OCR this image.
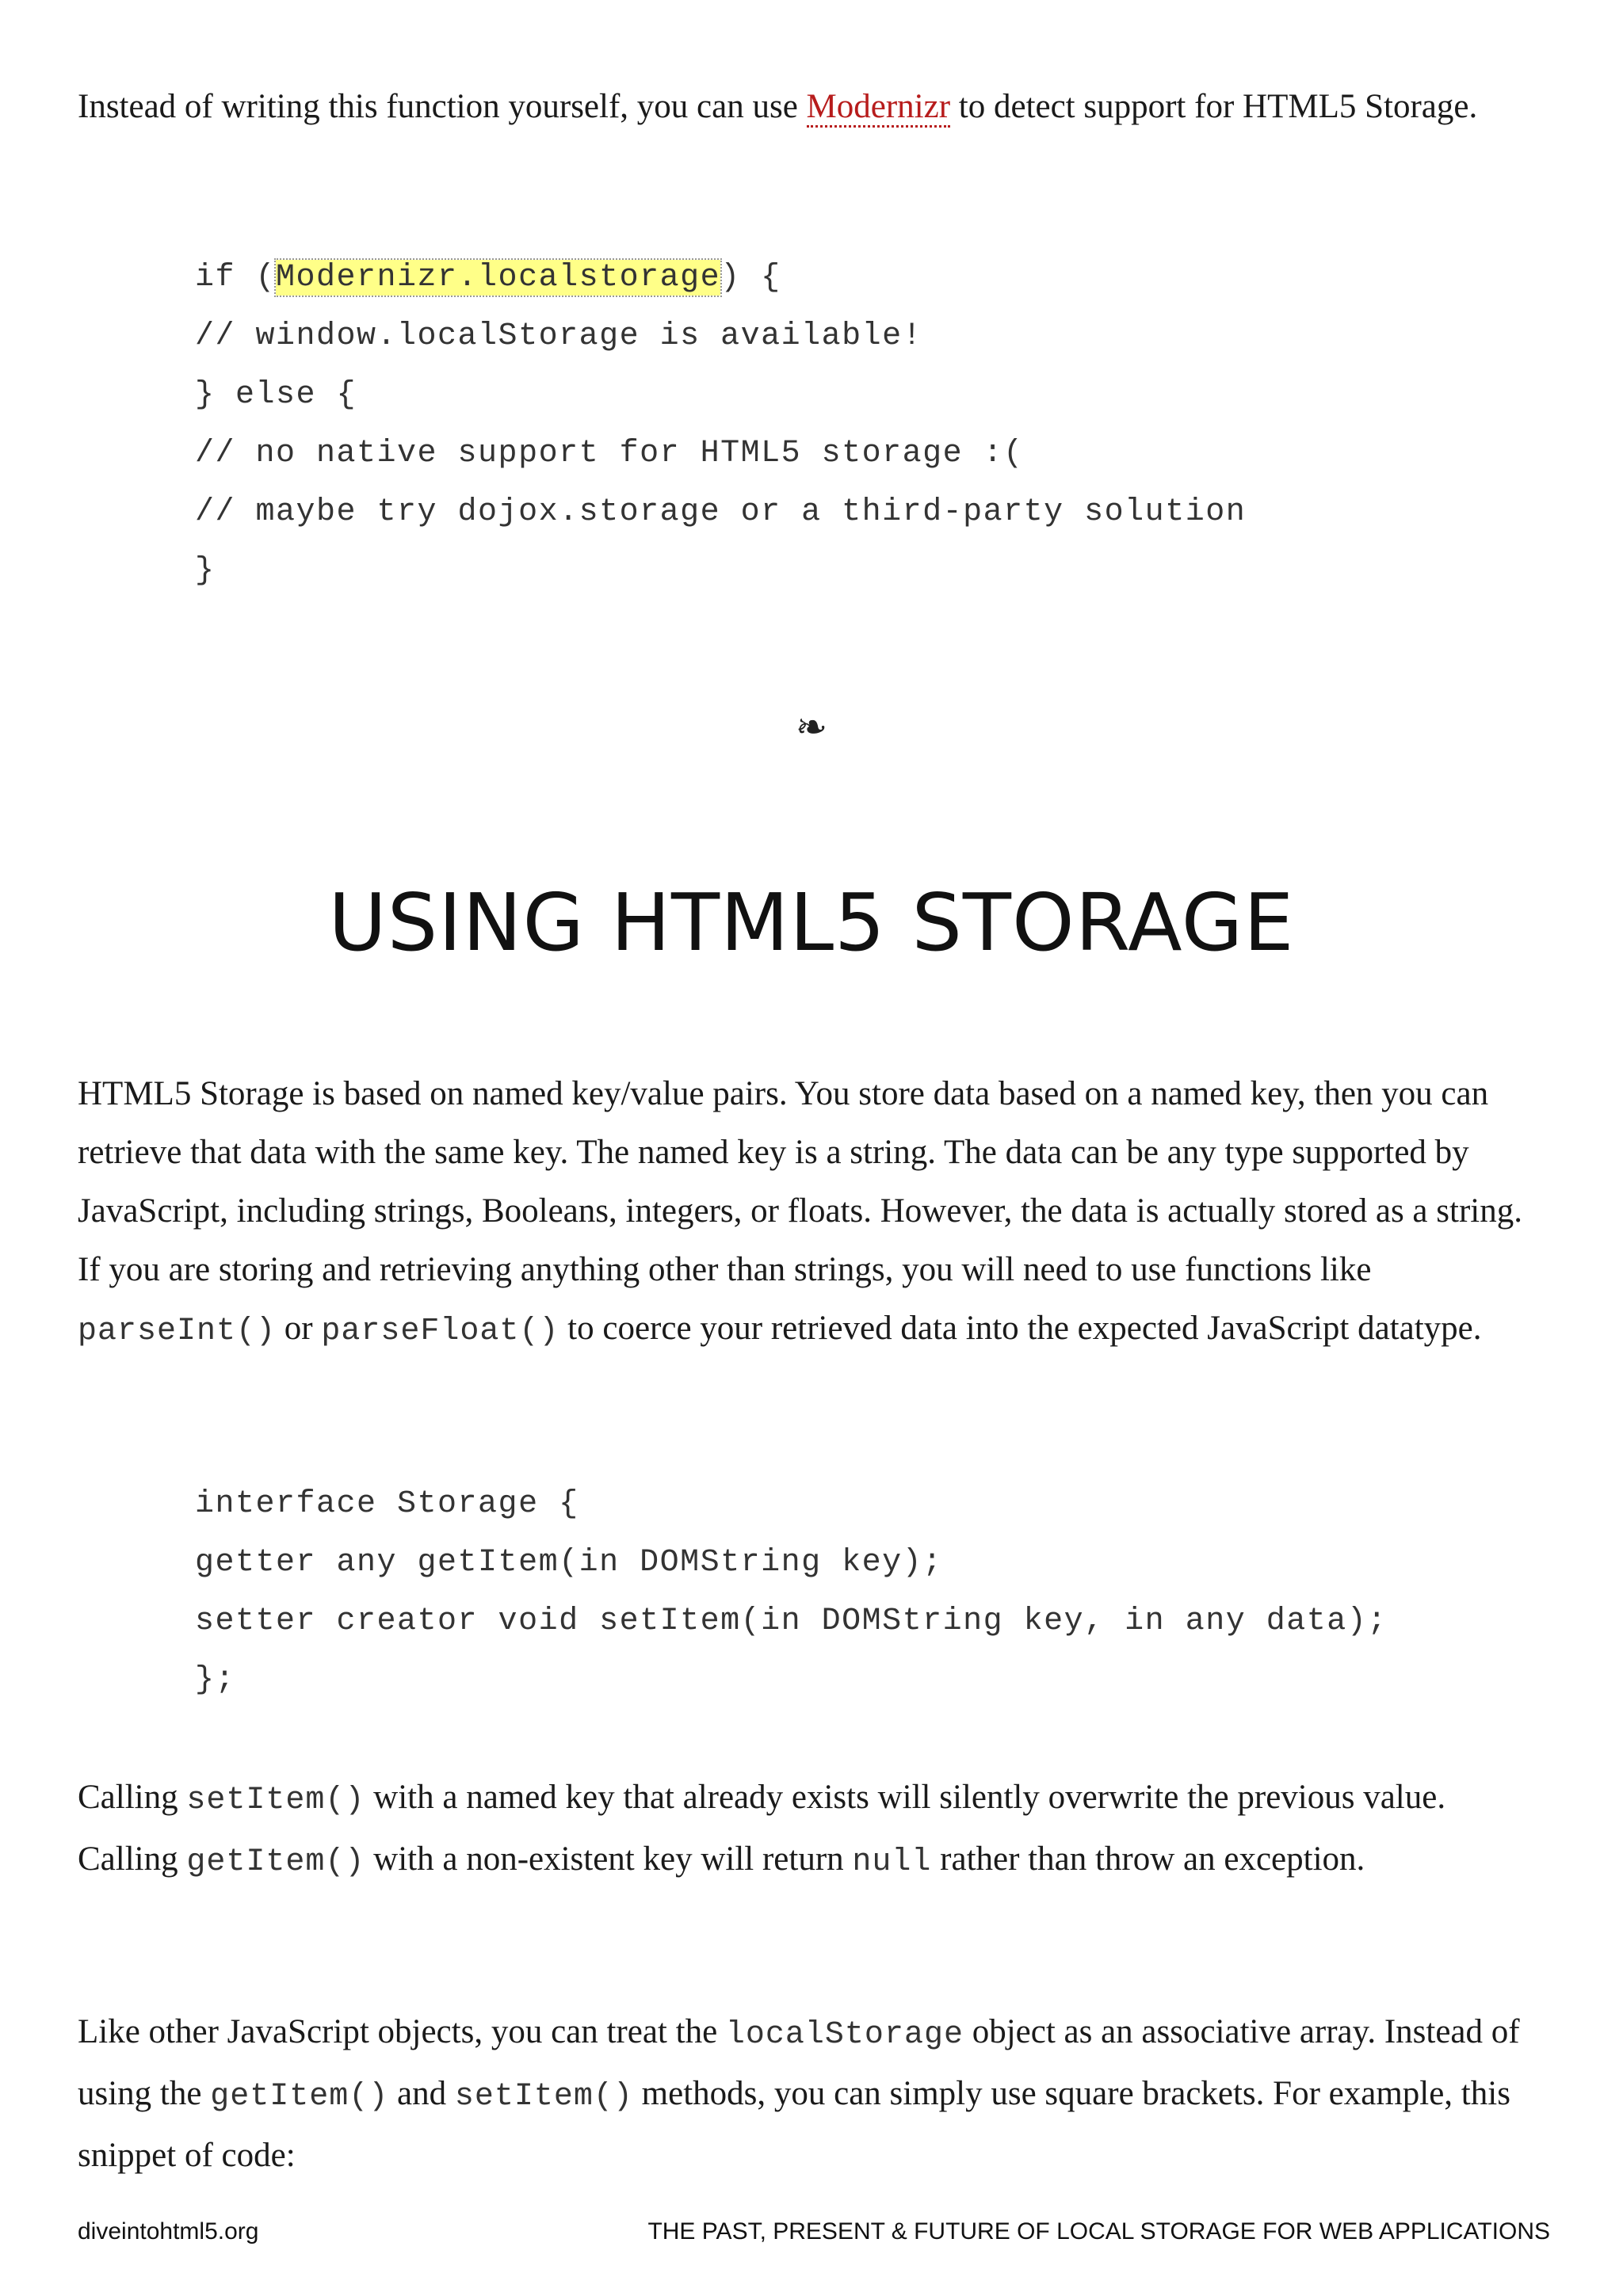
Instead of writing this function yourself, you can use Modernizr to detect support for HTML5 Storage.

if (Modernizr.localstorage) {
// window.localStorage is available!
} else {
// no native support for HTML5 storage :(
// maybe try dojox.storage or a third-party solution
}
❧
USING HTML5 STORAGE

HTML5 Storage is based on named key/value pairs. You store data based on a named key, then you can retrieve that data with the same key. The named key is a string. The data can be any type supported by JavaScript, including strings, Booleans, integers, or floats. However, the data is actually stored as a string. If you are storing and retrieving anything other than strings, you will need to use functions like parseInt() or parseFloat() to coerce your retrieved data into the expected JavaScript datatype.

interface Storage {
getter any getItem(in DOMString key);
setter creator void setItem(in DOMString key, in any data);
};

Calling setItem() with a named key that already exists will silently overwrite the previous value. Calling getItem() with a non-existent key will return null rather than throw an exception.

Like other JavaScript objects, you can treat the localStorage object as an associative array. Instead of using the getItem() and setItem() methods, you can simply use square brackets. For example, this snippet of code:

diveintohtml5.org	THE PAST, PRESENT & FUTURE OF LOCAL STORAGE FOR WEB APPLICATIONS
